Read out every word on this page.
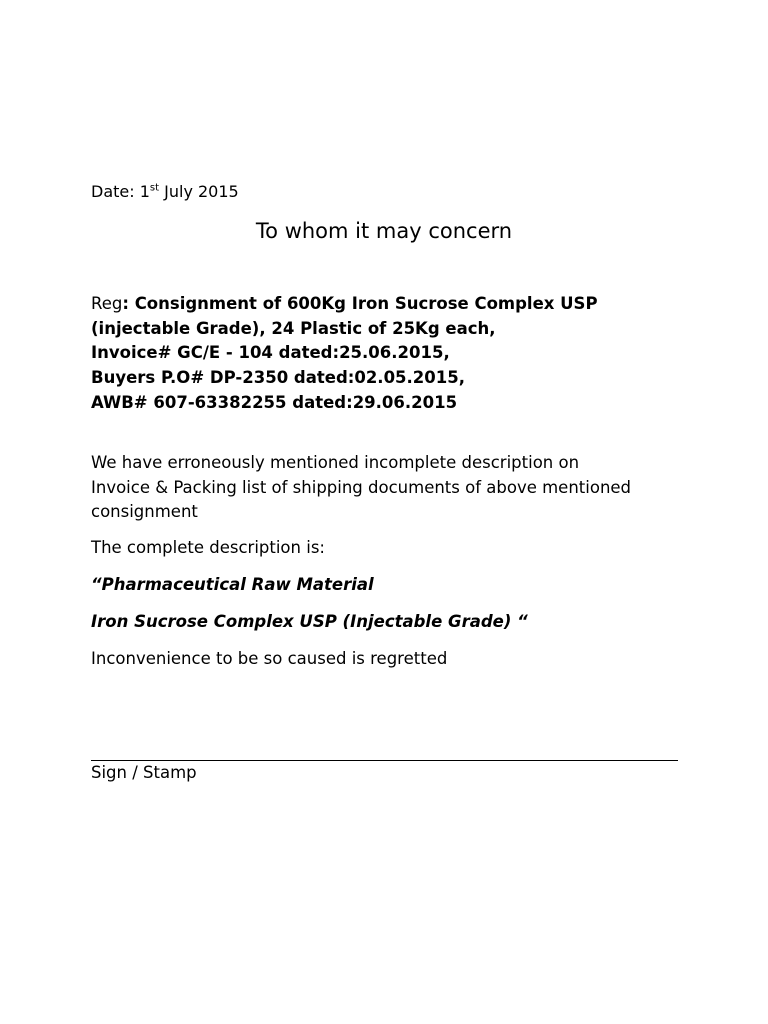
Date: 1st July 2015
To whom it may concern
Reg: Consignment of 600Kg Iron Sucrose Complex USP
(injectable Grade), 24 Plastic of 25Kg each,
Invoice# GC/E - 104 dated:25.06.2015,
Buyers P.O# DP-2350 dated:02.05.2015,
AWB# 607-63382255 dated:29.06.2015
We have erroneously mentioned incomplete description on
Invoice & Packing list of shipping documents of above mentioned
consignment
The complete description is:
“Pharmaceutical Raw Material
Iron Sucrose Complex USP (Injectable Grade) “
Inconvenience to be so caused is regretted
Sign / Stamp
